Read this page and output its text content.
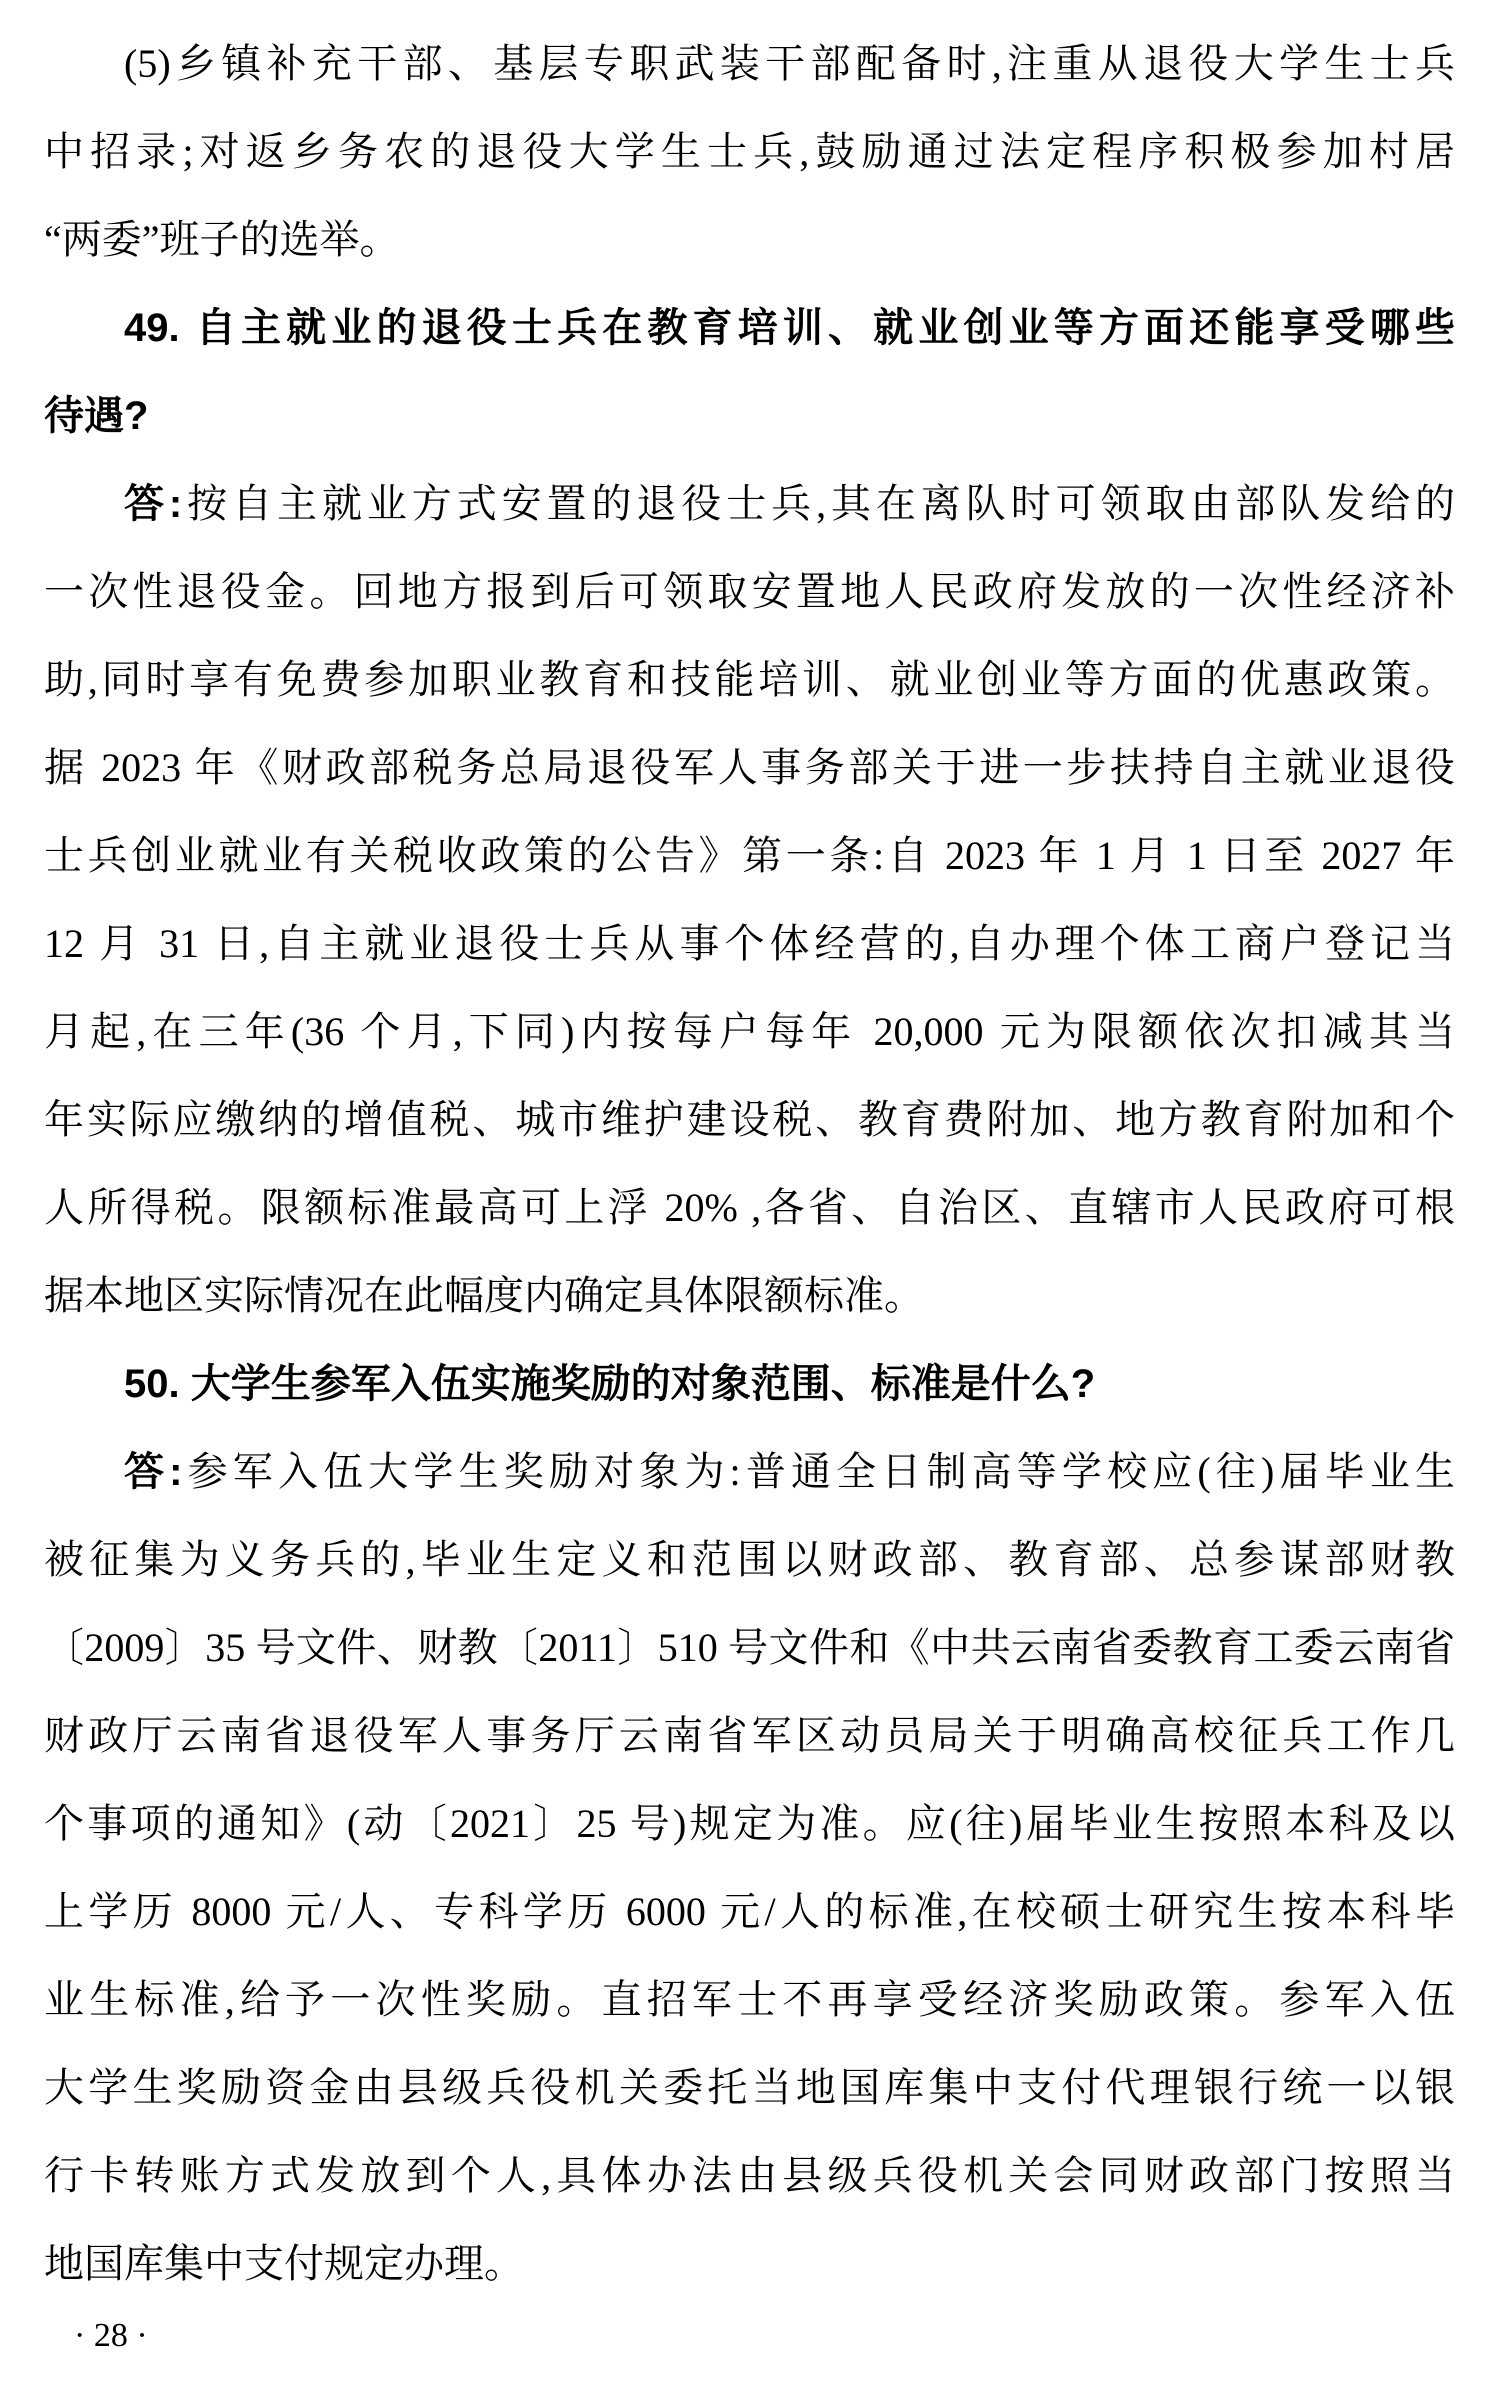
(5)乡镇补充干部、基层专职武装干部配备时,注重从退役大学生士兵
中招录;对返乡务农的退役大学生士兵,鼓励通过法定程序积极参加村居
“两委”班子的选举。
49. 自主就业的退役士兵在教育培训、就业创业等方面还能享受哪些
待遇?
答:按自主就业方式安置的退役士兵,其在离队时可领取由部队发给的
一次性退役金。回地方报到后可领取安置地人民政府发放的一次性经济补
助,同时享有免费参加职业教育和技能培训、就业创业等方面的优惠政策。
据 2023 年《财政部税务总局退役军人事务部关于进一步扶持自主就业退役
士兵创业就业有关税收政策的公告》第一条:自 2023 年 1 月 1 日至 2027 年
12 月 31 日,自主就业退役士兵从事个体经营的,自办理个体工商户登记当
月起,在三年(36 个月,下同)内按每户每年 20,000 元为限额依次扣减其当
年实际应缴纳的增值税、城市维护建设税、教育费附加、地方教育附加和个
人所得税。限额标准最高可上浮 20% ,各省、自治区、直辖市人民政府可根
据本地区实际情况在此幅度内确定具体限额标准。
50. 大学生参军入伍实施奖励的对象范围、标准是什么?
答:参军入伍大学生奖励对象为:普通全日制高等学校应(往)届毕业生
被征集为义务兵的,毕业生定义和范围以财政部、教育部、总参谋部财教
〔2009〕35 号文件、财教〔2011〕510 号文件和《中共云南省委教育工委云南省
财政厅云南省退役军人事务厅云南省军区动员局关于明确高校征兵工作几
个事项的通知》(动〔2021〕25 号)规定为准。应(往)届毕业生按照本科及以
上学历 8000 元/人、专科学历 6000 元/人的标准,在校硕士研究生按本科毕
业生标准,给予一次性奖励。直招军士不再享受经济奖励政策。参军入伍
大学生奖励资金由县级兵役机关委托当地国库集中支付代理银行统一以银
行卡转账方式发放到个人,具体办法由县级兵役机关会同财政部门按照当
地国库集中支付规定办理。
· 28 ·
